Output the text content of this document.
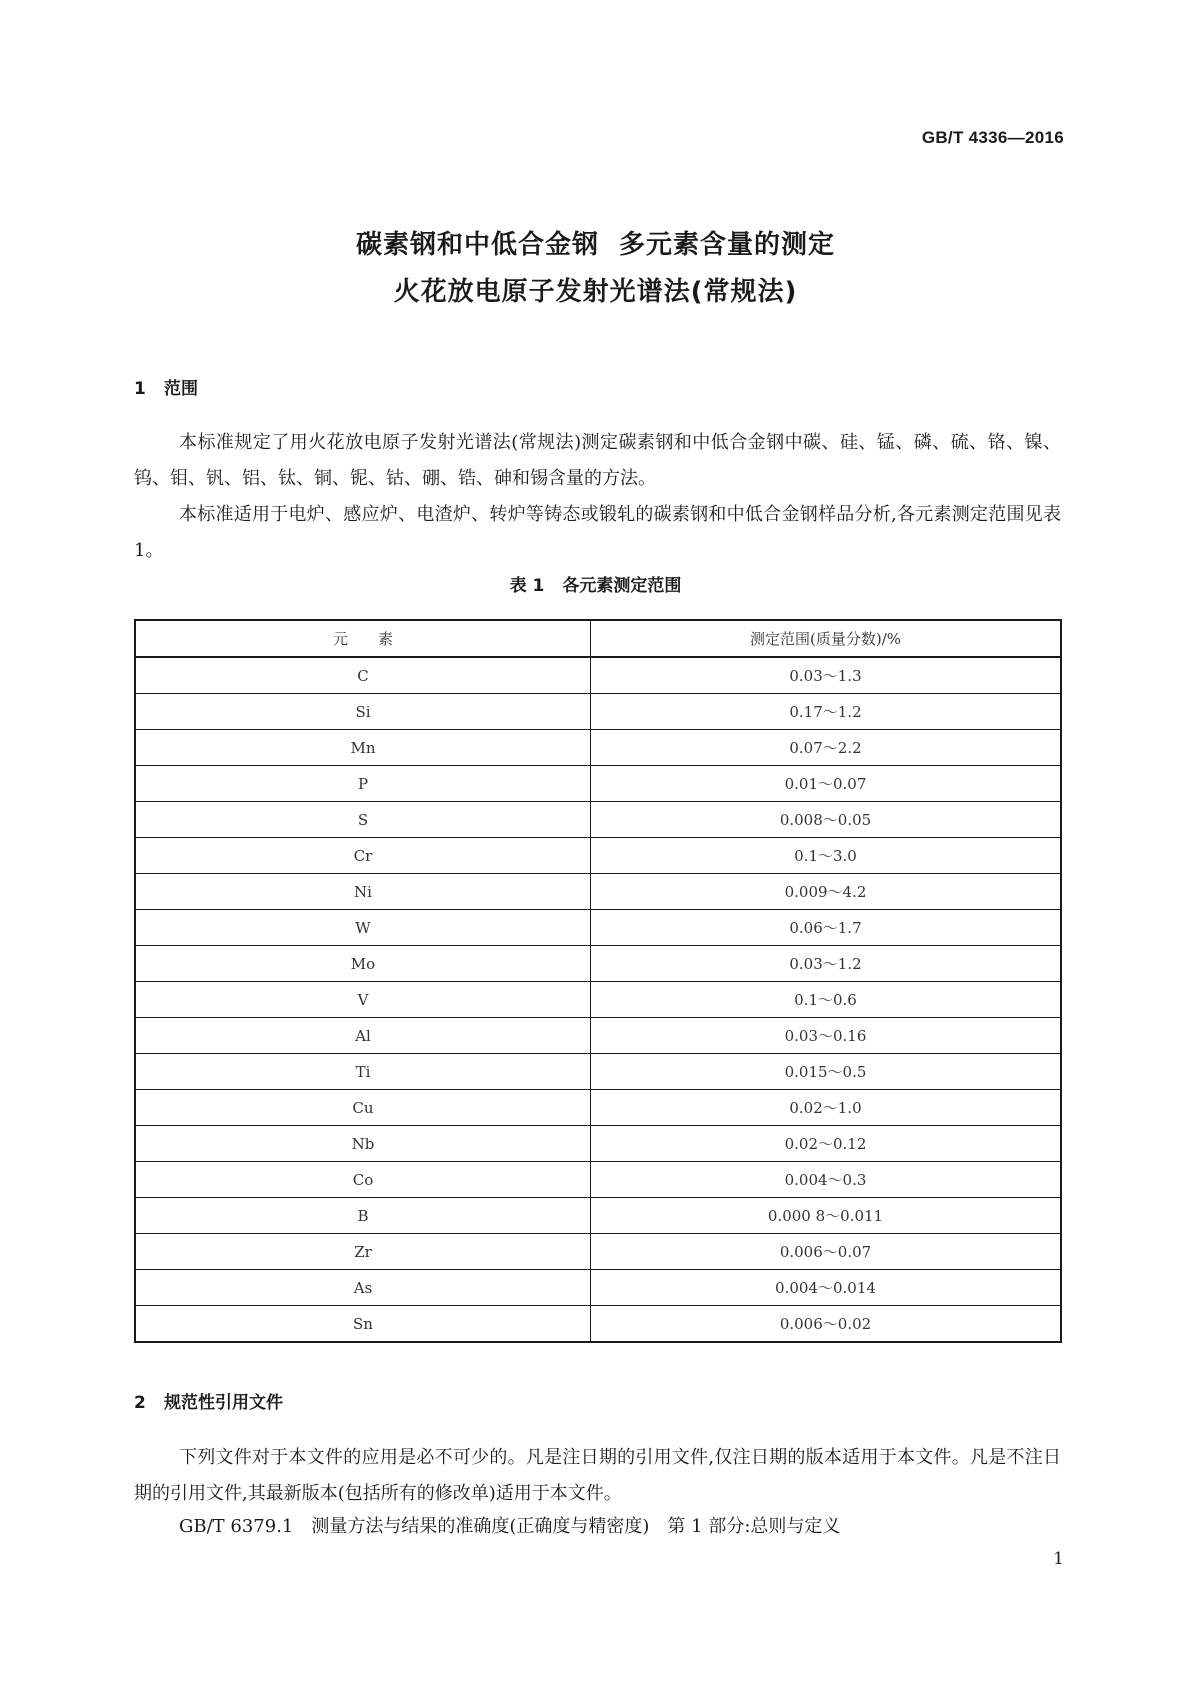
GB/T 4336—2016
碳素钢和中低合金钢  多元素含量的测定
火花放电原子发射光谱法(常规法)
1 范围

本标准规定了用火花放电原子发射光谱法(常规法)测定碳素钢和中低合金钢中碳、硅、锰、磷、硫、铬、镍、钨、钼、钒、铝、钛、铜、铌、钴、硼、锆、砷和锡含量的方法。

本标准适用于电炉、感应炉、电渣炉、转炉等铸态或锻轧的碳素钢和中低合金钢样品分析,各元素测定范围见表 1。

表 1 各元素测定范围
元　　素	测定范围(质量分数)/%
C	0.03～1.3
Si	0.17～1.2
Mn	0.07～2.2
P	0.01～0.07
S	0.008～0.05
Cr	0.1～3.0
Ni	0.009～4.2
W	0.06～1.7
Mo	0.03～1.2
V	0.1～0.6
Al	0.03～0.16
Ti	0.015～0.5
Cu	0.02～1.0
Nb	0.02～0.12
Co	0.004～0.3
B	0.000 8～0.011
Zr	0.006～0.07
As	0.004～0.014
Sn	0.006～0.02
2 规范性引用文件

下列文件对于本文件的应用是必不可少的。凡是注日期的引用文件,仅注日期的版本适用于本文件。凡是不注日期的引用文件,其最新版本(包括所有的修改单)适用于本文件。

GB/T 6379.1 测量方法与结果的准确度(正确度与精密度)　第 1 部分:总则与定义
1
